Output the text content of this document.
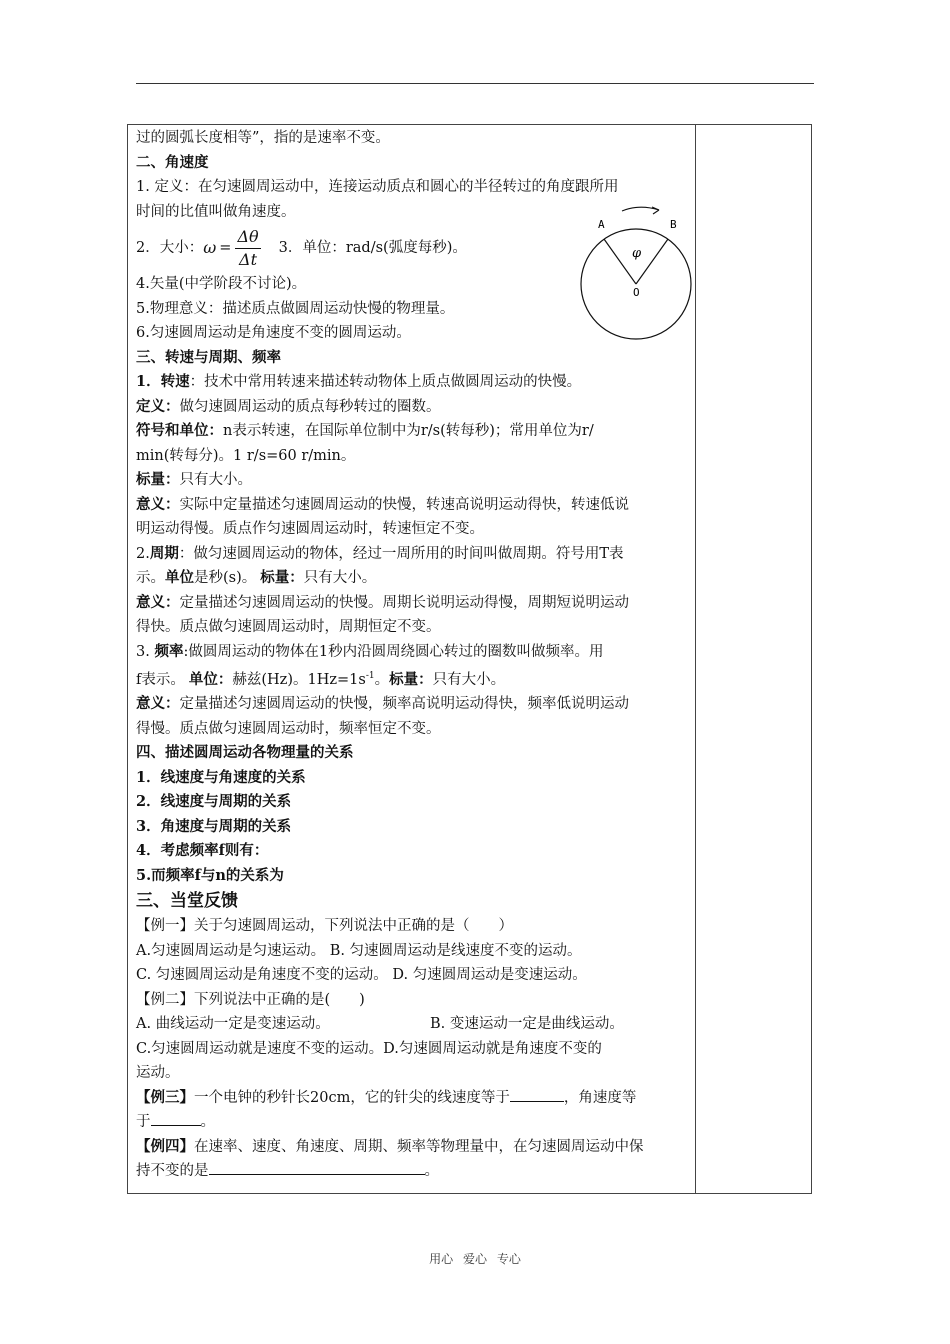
过的圆弧长度相等”，指的是速率不变。

二、角速度

1. 定义：在匀速圆周运动中，连接运动质点和圆心的半径转过的角度跟所用

时间的比值叫做角速度。

2．大小： $\omega = \frac{\Delta\theta}{\Delta t} 3$．单位：rad/s(弧度每秒)。

4.矢量(中学阶段不讨论)。

5.物理意义：描述质点做圆周运动快慢的物理量。

6.匀速圆周运动是角速度不变的圆周运动。

三、转速与周期、频率

1．转速：技术中常用转速来描述转动物体上质点做圆周运动的快慢。

定义：做匀速圆周运动的质点每秒转过的圈数。

符号和单位：n表示转速，在国际单位制中为r/s(转每秒)；常用单位为r/

min(转每分)。1 r/s=60 r/min。

标量：只有大小。

意义：实际中定量描述匀速圆周运动的快慢，转速高说明运动得快，转速低说

明运动得慢。质点作匀速圆周运动时，转速恒定不变。

2.周期：做匀速圆周运动的物体，经过一周所用的时间叫做周期。符号用T表

示。单位是秒(s)。 标量：只有大小。

意义：定量描述匀速圆周运动的快慢。周期长说明运动得慢，周期短说明运动

得快。质点做匀速圆周运动时，周期恒定不变。

3. 频率:做圆周运动的物体在1秒内沿圆周绕圆心转过的圈数叫做频率。用

f表示。 单位：赫兹(Hz)。$1Hz=1s^{-1}$。标量：只有大小。

意义：定量描述匀速圆周运动的快慢，频率高说明运动得快，频率低说明运动

得慢。质点做匀速圆周运动时，频率恒定不变。

四、描述圆周运动各物理量的关系

1．线速度与角速度的关系

2．线速度与周期的关系

3．角速度与周期的关系

4．考虑频率f则有：

5.而频率f与n的关系为

三、当堂反馈

【例一】关于匀速圆周运动，下列说法中正确的是（　　）

A.匀速圆周运动是匀速运动。 B. 匀速圆周运动是线速度不变的运动。

C. 匀速圆周运动是角速度不变的运动。 D. 匀速圆周运动是变速运动。

【例二】下列说法中正确的是(　　)

A. 曲线运动一定是变速运动。	B. 变速运动一定是曲线运动。

C.匀速圆周运动就是速度不变的运动。D.匀速圆周运动就是角速度不变的

运动。

【例三】一个电钟的秒针长20cm，它的针尖的线速度等于	，角速度等

于	。

【例四】在速率、速度、角速度、周期、频率等物理量中，在匀速圆周运动中保

持不变的是	。

A	B
O
φ
用心 爱心 专心
